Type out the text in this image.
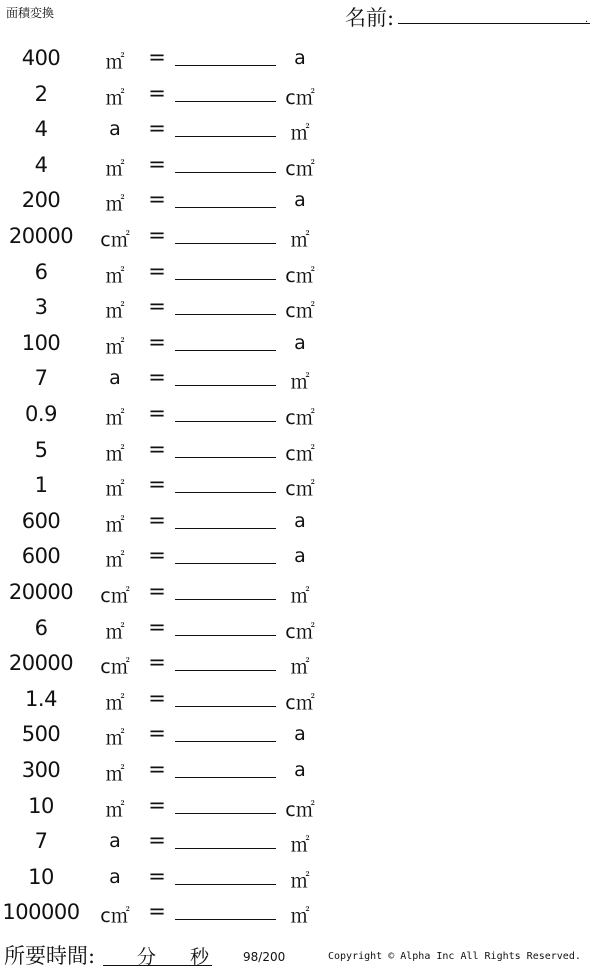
面積変換	名前:	.
400	㎡	=	a
2	㎡	=	c㎡
4	a	=	㎡
4	㎡	=	c㎡
200	㎡	=	a
20000	c㎡ =	㎡
6	㎡	=	c㎡
3	㎡	=	c㎡
100	㎡	=	a
7	a	=	㎡
0.9	㎡	=	c㎡
5	㎡	=	c㎡
1	㎡	=	c㎡
600	㎡	=	a
600	㎡	=	a
20000	c㎡ =	㎡
6	㎡	=	c㎡
20000	c㎡ =	㎡
1.4	㎡	=	c㎡
500	㎡	=	a
300	㎡	=	a
10	㎡	=	c㎡
7	a	=	㎡
10	a	=	㎡
100000	c㎡ =	㎡
所要時間: 分 秒	98/200	Copyright © Alpha Inc All Rights Reserved.
